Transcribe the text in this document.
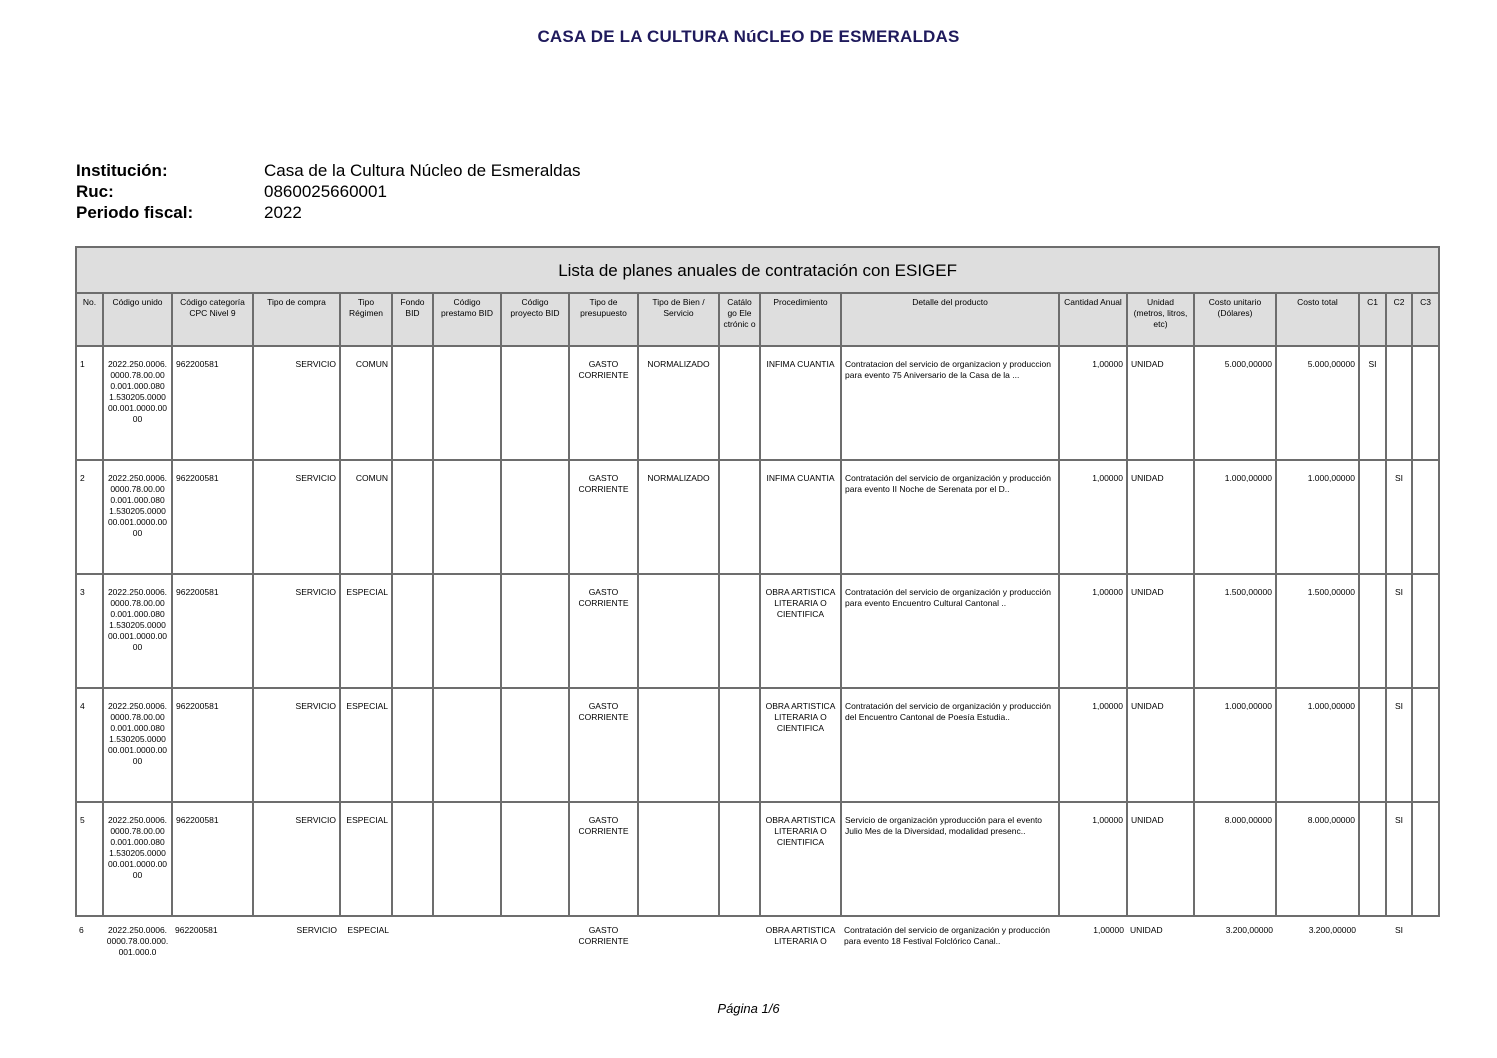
CASA DE LA CULTURA NúCLEO DE ESMERALDAS
Institución:	Casa de la Cultura Núcleo de Esmeraldas
Ruc:	0860025660001
Periodo fiscal:	2022
Lista de planes anuales de contratación con ESIGEF																			
No.	Código unido	Código categoría CPC Nivel 9	Tipo de compra	Tipo Régimen	Fondo BID	Código prestamo BID	Código proyecto BID	Tipo de presupuesto	Tipo de Bien / Servicio	Catálo go Ele ctrónic o	Procedimiento	Detalle del producto	Cantidad Anual	Unidad (metros, litros, etc)	Costo unitario (Dólares)	Costo total	C1	C2	C3
1	2022.250.0006.0000.78.00.000.001.000.0801.530205.000000.001.0000.0000	962200581	SERVICIO	COMUN				GASTO CORRIENTE	NORMALIZADO		INFIMA CUANTIA	Contratacion del servicio de organizacion y produccion para evento 75 Aniversario de la Casa de la ...	1,00000	UNIDAD	5.000,00000	5.000,00000	SI		
2	2022.250.0006.0000.78.00.000.001.000.0801.530205.000000.001.0000.0000	962200581	SERVICIO	COMUN				GASTO CORRIENTE	NORMALIZADO		INFIMA CUANTIA	Contratación del servicio de organización y producción para evento II Noche de Serenata por el D..	1,00000	UNIDAD	1.000,00000	1.000,00000		SI	
3	2022.250.0006.0000.78.00.000.001.000.0801.530205.000000.001.0000.0000	962200581	SERVICIO	ESPECIAL				GASTO CORRIENTE			OBRA ARTISTICA LITERARIA O CIENTIFICA	Contratación del servicio de organización y producción para evento Encuentro Cultural Cantonal ..	1,00000	UNIDAD	1.500,00000	1.500,00000		SI	
4	2022.250.0006.0000.78.00.000.001.000.0801.530205.000000.001.0000.0000	962200581	SERVICIO	ESPECIAL				GASTO CORRIENTE			OBRA ARTISTICA LITERARIA O CIENTIFICA	Contratación del servicio de organización y producción del Encuentro Cantonal de Poesía Estudia..	1,00000	UNIDAD	1.000,00000	1.000,00000		SI	
5	2022.250.0006.0000.78.00.000.001.000.0801.530205.000000.001.0000.0000	962200581	SERVICIO	ESPECIAL				GASTO CORRIENTE			OBRA ARTISTICA LITERARIA O CIENTIFICA	Servicio de organización yproducción para el evento Julio Mes de la Diversidad, modalidad presenc..	1,00000	UNIDAD	8.000,00000	8.000,00000		SI	
6	2022.250.0006.0000.78.00.000.001.000.0	962200581	SERVICIO	ESPECIAL				GASTO CORRIENTE			OBRA ARTISTICA LITERARIA O	Contratación del servicio de organización y producción para evento 18 Festival Folclórico Canal..	1,00000	UNIDAD	3.200,00000	3.200,00000		SI	
Página 1/6
